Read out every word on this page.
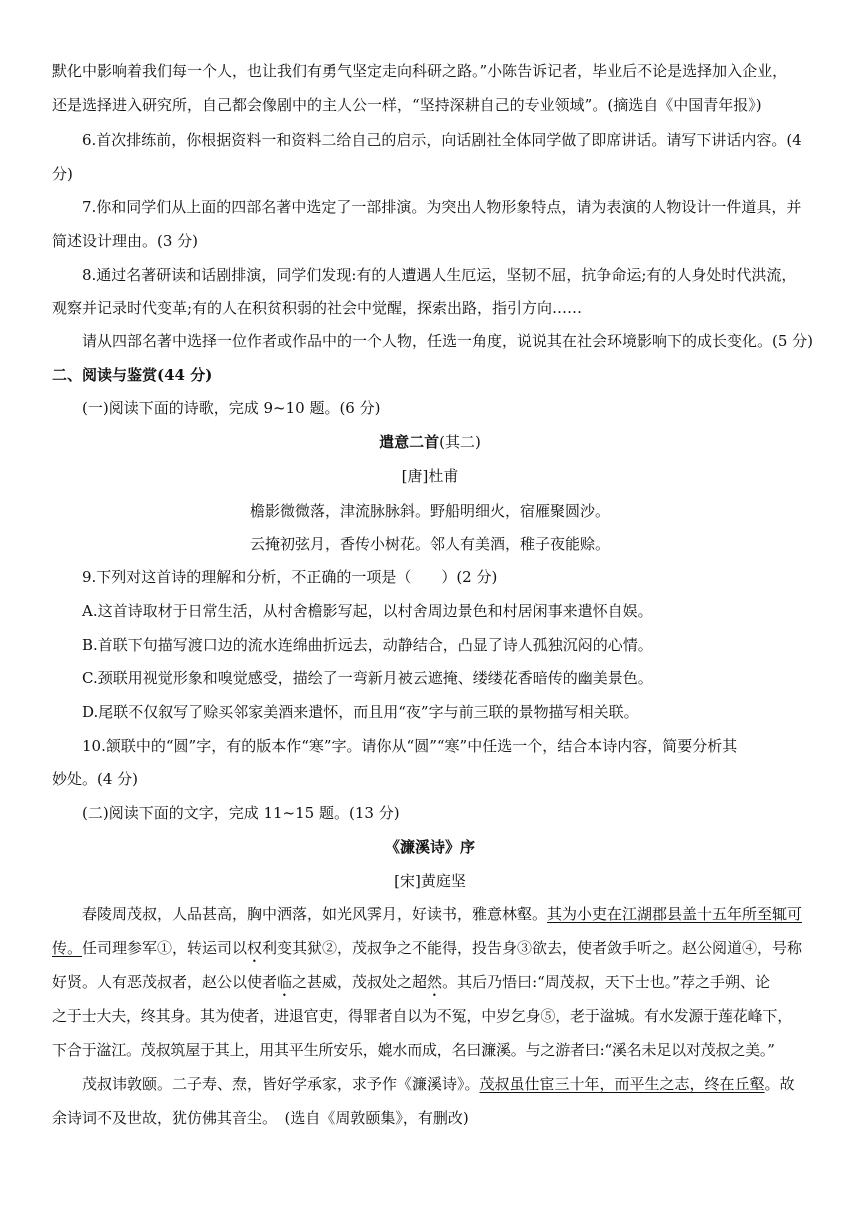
默化中影响着我们每一个人，也让我们有勇气坚定走向科研之路。”小陈告诉记者，毕业后不论是选择加入企业，
还是选择进入研究所，自己都会像剧中的主人公一样，“坚持深耕自己的专业领域”。(摘选自《中国青年报》)
6.首次排练前，你根据资料一和资料二给自己的启示，向话剧社全体同学做了即席讲话。请写下讲话内容。(4
分)
7.你和同学们从上面的四部名著中选定了一部排演。为突出人物形象特点，请为表演的人物设计一件道具，并
简述设计理由。(3 分)
8.通过名著研读和话剧排演，同学们发现:有的人遭遇人生厄运，坚韧不屈，抗争命运;有的人身处时代洪流，
观察并记录时代变革;有的人在积贫积弱的社会中觉醒，探索出路，指引方向……
请从四部名著中选择一位作者或作品中的一个人物，任选一角度，说说其在社会环境影响下的成长变化。(5 分)
二、阅读与鉴赏(44 分)
(一)阅读下面的诗歌，完成 9~10 题。(6 分)
遣意二首(其二)
[唐]杜甫
檐影微微落，津流脉脉斜。野船明细火，宿雁聚圆沙。
云掩初弦月，香传小树花。邻人有美酒，稚子夜能赊。
9.下列对这首诗的理解和分析，不正确的一项是（　　）(2 分)
A.这首诗取材于日常生活，从村舍檐影写起，以村舍周边景色和村居闲事来遣怀自娱。
B.首联下句描写渡口边的流水连绵曲折远去，动静结合，凸显了诗人孤独沉闷的心情。
C.颈联用视觉形象和嗅觉感受，描绘了一弯新月被云遮掩、缕缕花香暗传的幽美景色。
D.尾联不仅叙写了赊买邻家美酒来遣怀，而且用“夜”字与前三联的景物描写相关联。
10.颔联中的“圆”字，有的版本作“寒”字。请你从“圆”“寒”中任选一个，结合本诗内容，简要分析其
妙处。(4 分)
(二)阅读下面的文字，完成 11~15 题。(13 分)
《濂溪诗》序
[宋]黄庭坚
春陵周茂叔，人品甚高，胸中洒落，如光风霁月，好读书，雅意林壑。其为小吏在江湖郡县盖十五年所至辄可
传。任司理参军①，转运司以权利变其狱②，茂叔争之不能得，投告身③欲去，使者敛手听之。赵公阅道④，号称
好贤。人有恶茂叔者，赵公以使者临之甚威，茂叔处之超然。其后乃悟曰:“周茂叔，天下士也。”荐之手朔、论
之于士大夫，终其身。其为使者，进退官吏，得罪者自以为不冤，中岁乞身⑤，老于湓城。有水发源于莲花峰下，
下合于湓江。茂叔筑屋于其上，用其平生所安乐，媲水而成，名曰濂溪。与之游者曰:“溪名未足以对茂叔之美。”
茂叔讳敦颐。二子寿、焘，皆好学承家，求予作《濂溪诗》。茂叔虽仕宦三十年，而平生之志，终在丘壑。故
余诗词不及世故，犹仿佛其音尘。　(选自《周敦颐集》，有删改)
